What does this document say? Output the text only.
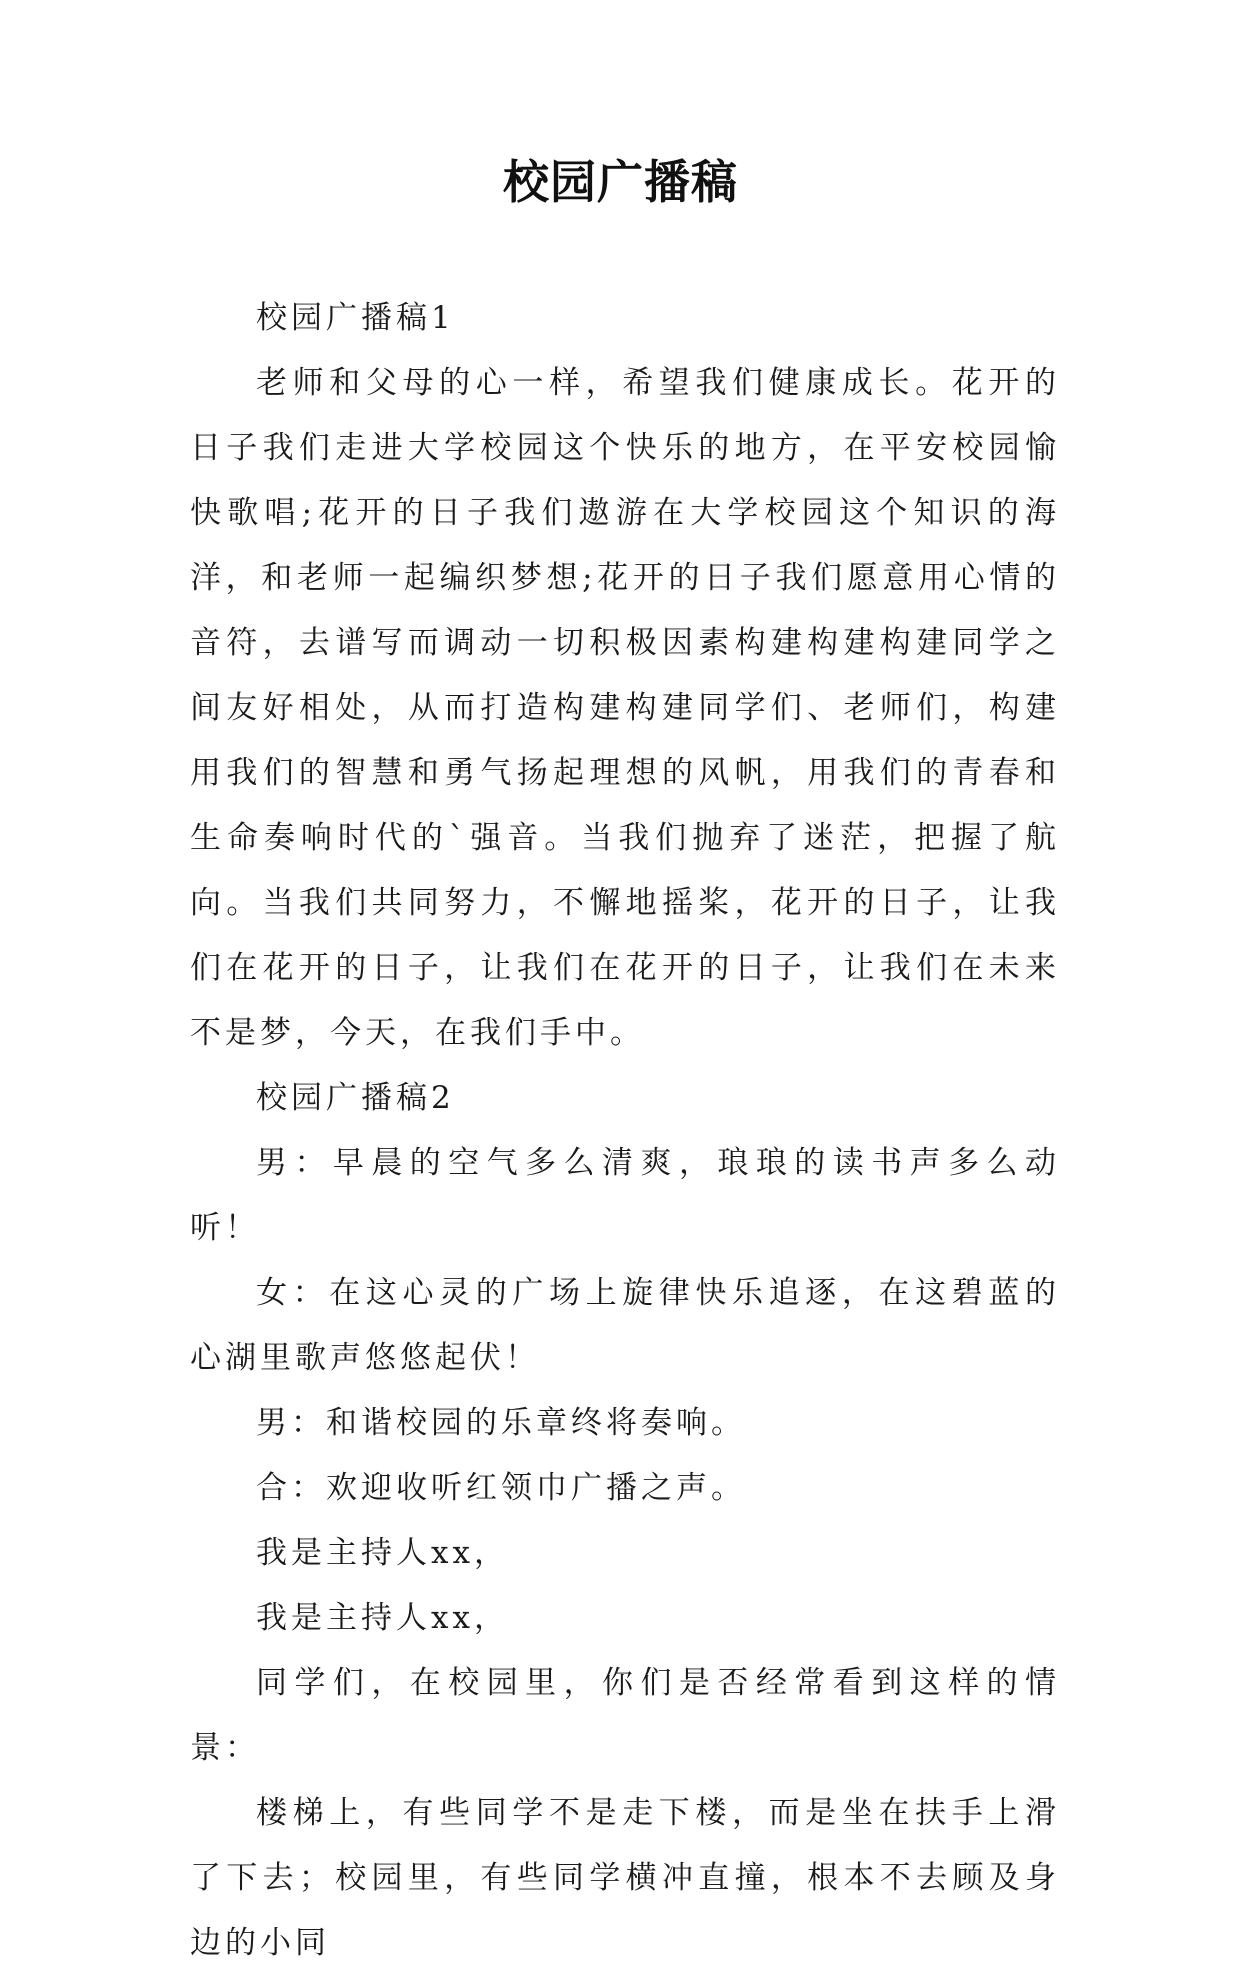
校园广播稿

校园广播稿1

老师和父母的心一样，希望我们健康成长。花开的日子我们走进大学校园这个快乐的地方，在平安校园愉快歌唱;花开的日子我们遨游在大学校园这个知识的海洋，和老师一起编织梦想;花开的日子我们愿意用心情的音符，去谱写而调动一切积极因素构建构建构建同学之间友好相处，从而打造构建构建同学们、老师们，构建用我们的智慧和勇气扬起理想的风帆，用我们的青春和生命奏响时代的`强音。当我们抛弃了迷茫，把握了航向。当我们共同努力，不懈地摇桨，花开的日子，让我们在花开的日子，让我们在花开的日子，让我们在未来不是梦，今天，在我们手中。

校园广播稿2

男：早晨的空气多么清爽，琅琅的读书声多么动听！

女：在这心灵的广场上旋律快乐追逐，在这碧蓝的心湖里歌声悠悠起伏！

男：和谐校园的乐章终将奏响。

合：欢迎收听红领巾广播之声。

我是主持人xx，

我是主持人xx，

同学们，在校园里，你们是否经常看到这样的情景：

楼梯上，有些同学不是走下楼，而是坐在扶手上滑了下去；校园里，有些同学横冲直撞，根本不去顾及身边的小同
